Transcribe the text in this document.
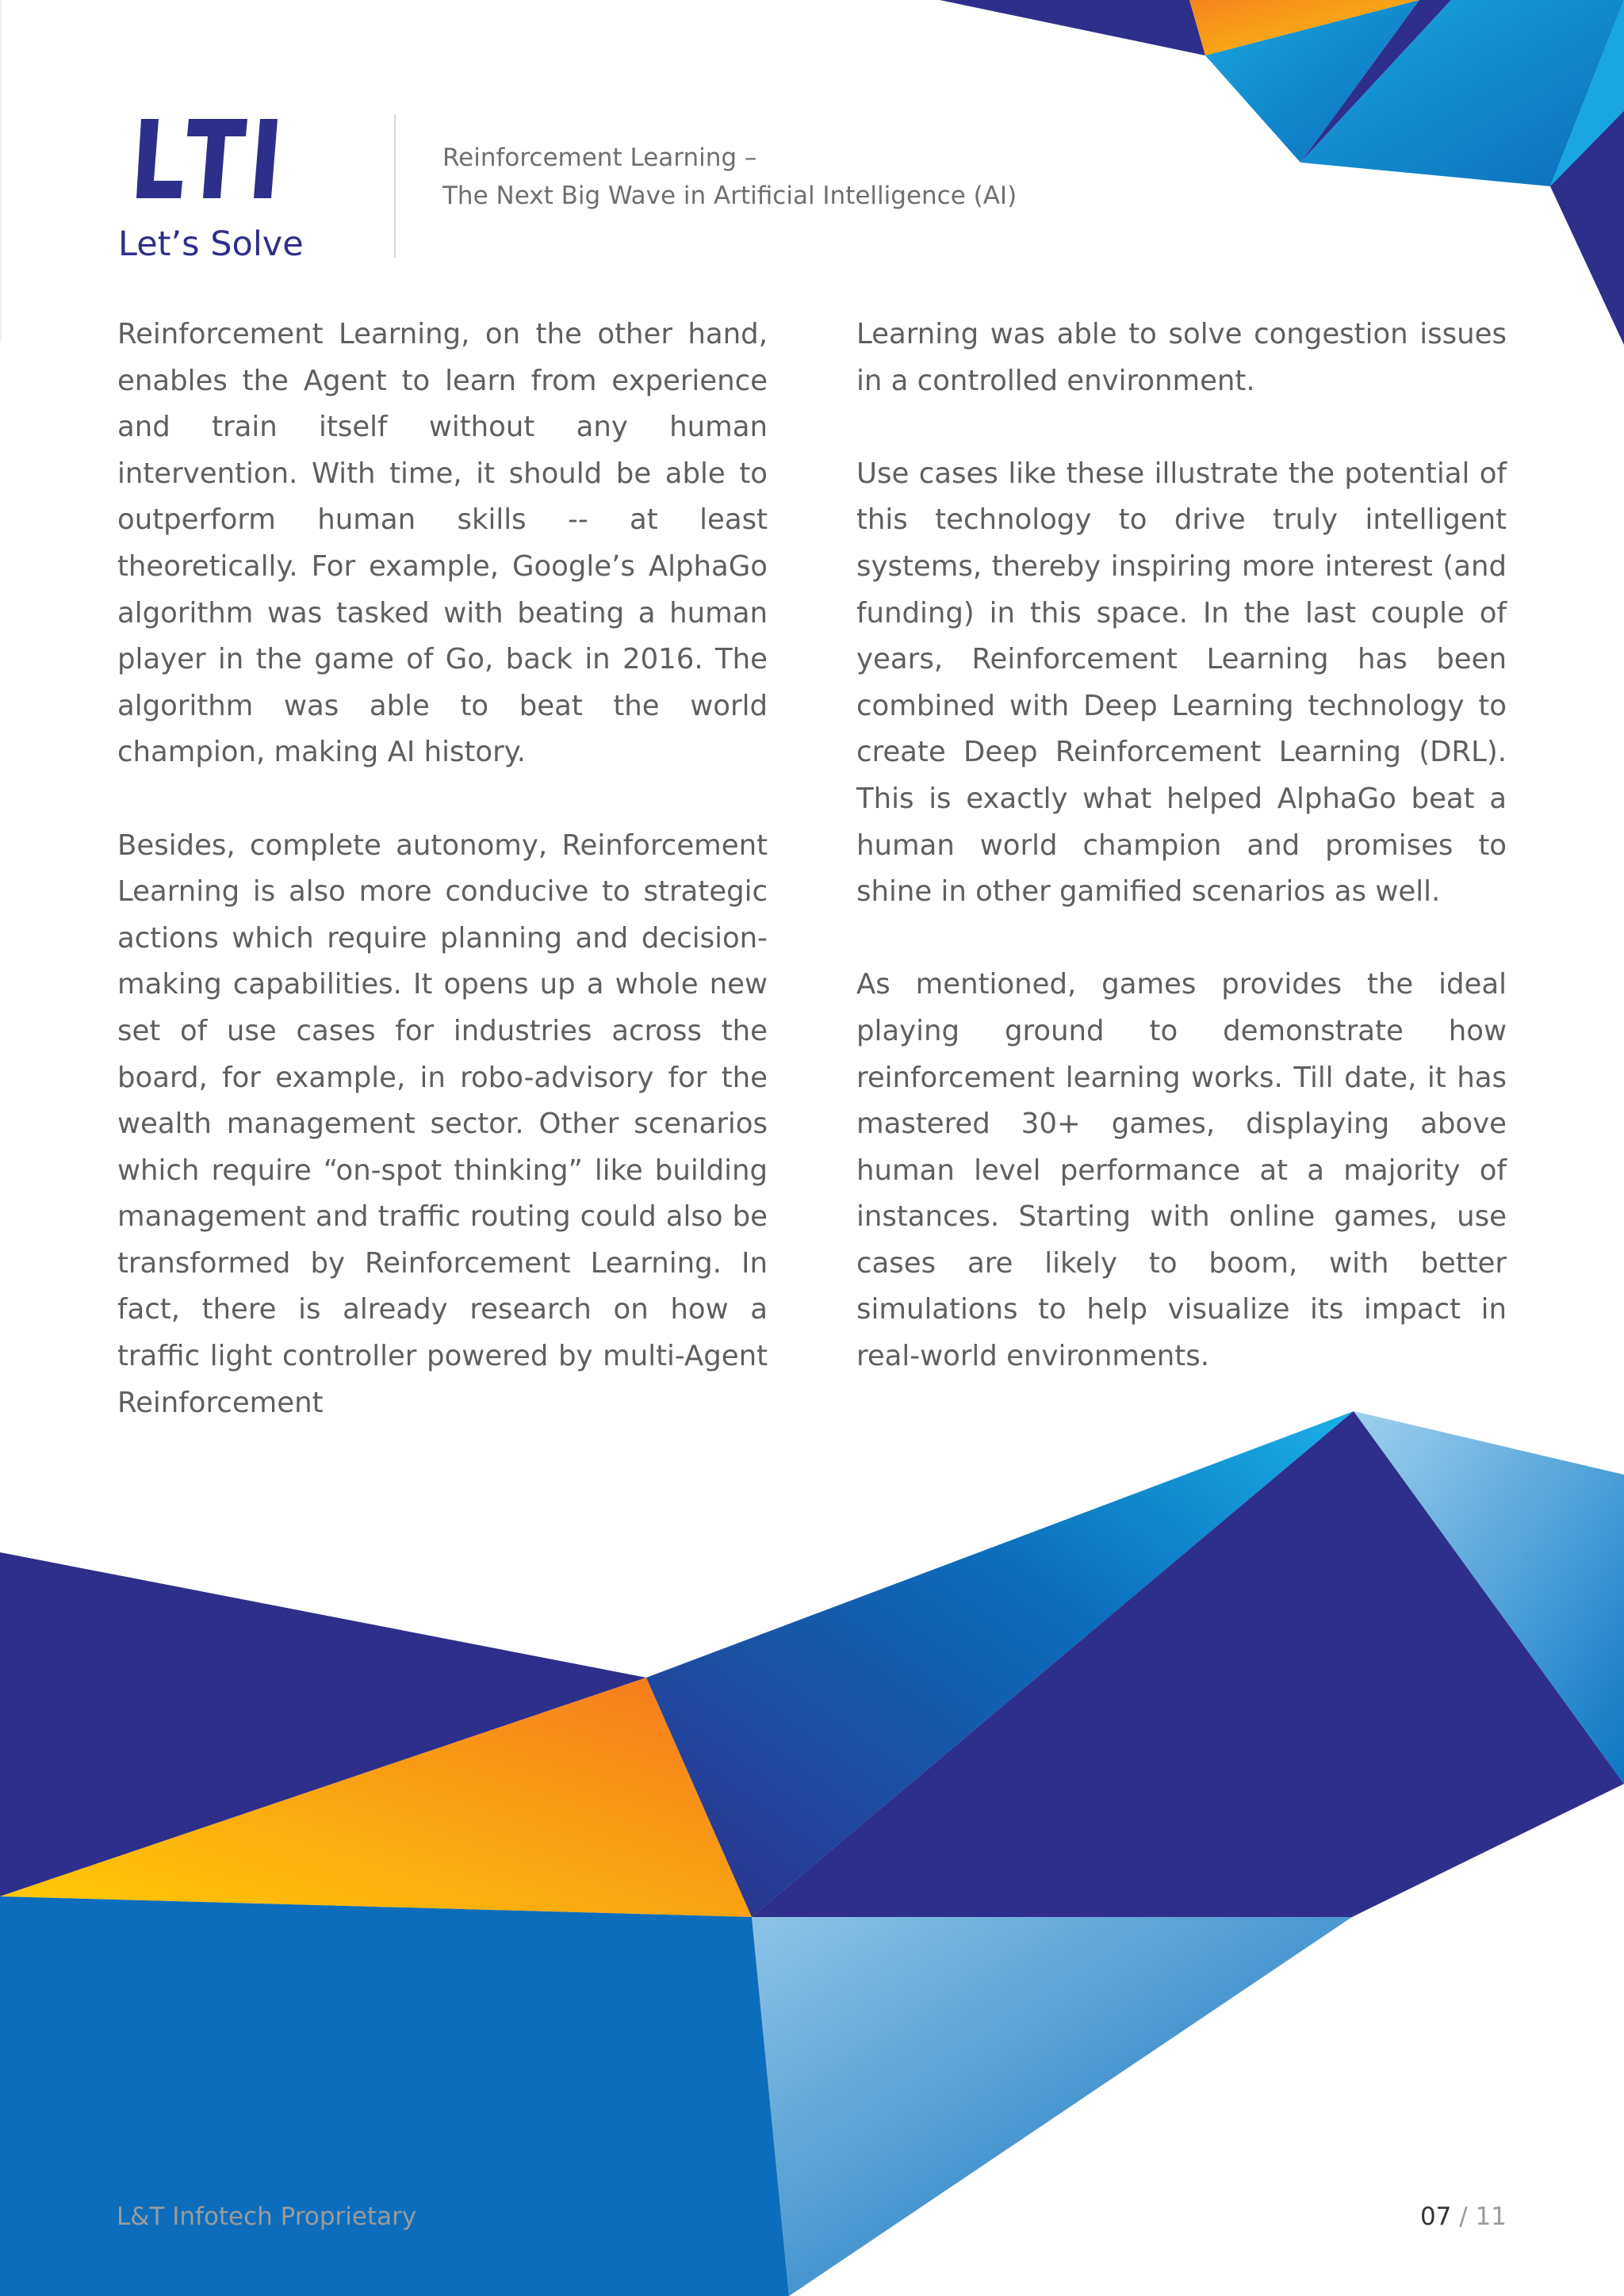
Let’s Solve
Reinforcement Learning –
The Next Big Wave in Artificial Intelligence (AI)

Reinforcement Learning, on the other hand, enables the Agent to learn from experience and train itself without any human intervention. With time, it should be able to outperform human skills -- at least theoretically. For example, Google’s AlphaGo algorithm was tasked with beating a human player in the game of Go, back in 2016. The algorithm was able to beat the world champion, making AI history.

Besides, complete autonomy, Reinforcement Learning is also more conducive to strategic actions which require planning and decision-making capabilities. It opens up a whole new set of use cases for industries across the board, for example, in robo-advisory for the wealth management sector. Other scenarios which require “on-spot thinking” like building management and traffic routing could also be transformed by Reinforcement Learning. In fact, there is already research on how a traffic light controller powered by multi-Agent Reinforcement

Learning was able to solve congestion issues in a controlled environment.

Use cases like these illustrate the potential of this technology to drive truly intelligent systems, thereby inspiring more interest (and funding) in this space. In the last couple of years, Reinforcement Learning has been combined with Deep Learning technology to create Deep Reinforcement Learning (DRL). This is exactly what helped AlphaGo beat a human world champion and promises to shine in other gamified scenarios as well.

As mentioned, games provides the ideal playing ground to demonstrate how reinforcement learning works. Till date, it has mastered 30+ games, displaying above human level performance at a majority of instances. Starting with online games, use cases are likely to boom, with better simulations to help visualize its impact in real-world environments.

L&T Infotech Proprietary	07 / 11
